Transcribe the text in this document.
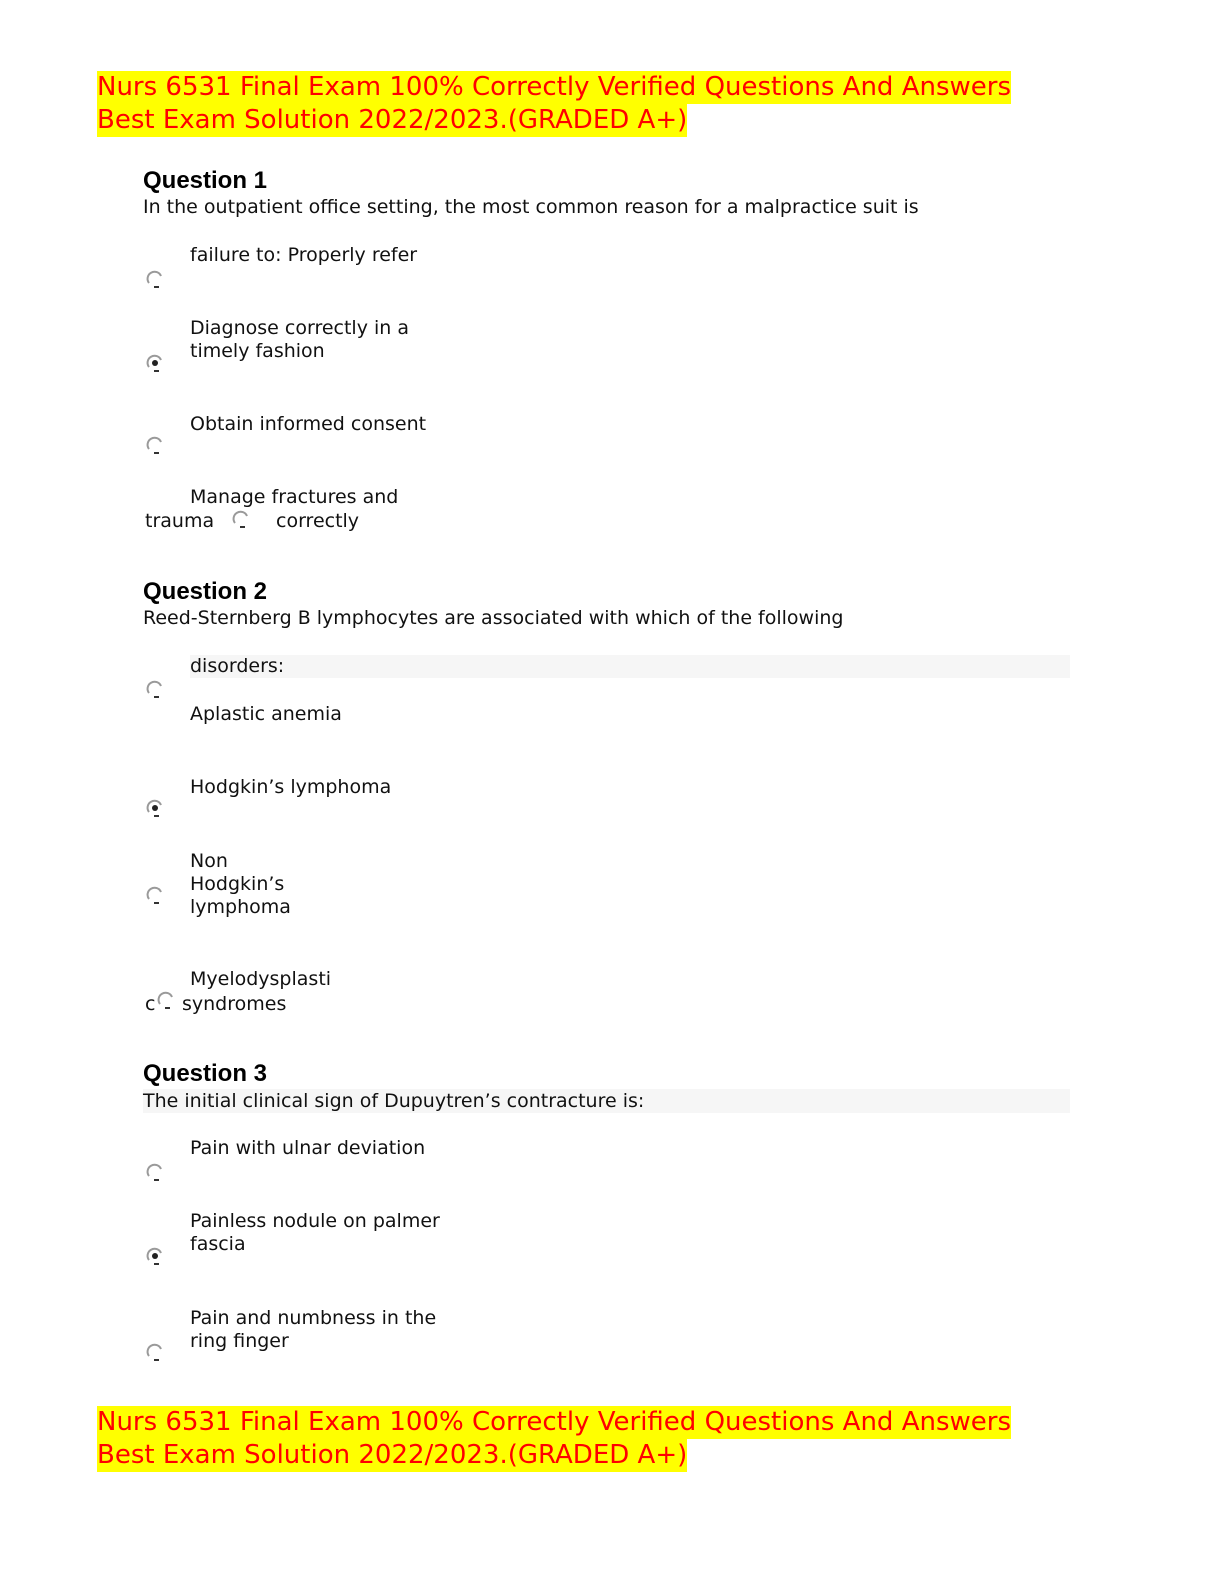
Nurs 6531 Final Exam 100% Correctly Verified Questions And Answers
Best Exam Solution 2022/2023.(GRADED A+)
Question 1
In the outpatient office setting, the most common reason for a malpractice suit is
failure to: Properly refer
Diagnose correctly in a
timely fashion
Obtain informed consent
Manage fractures and
trauma	correctly
Question 2
Reed-Sternberg B lymphocytes are associated with which of the following
disorders:
Aplastic anemia
Hodgkin’s lymphoma
Non
Hodgkin’s
lymphoma
Myelodysplasti
c syndromes
Question 3
The initial clinical sign of Dupuytren’s contracture is:
Pain with ulnar deviation
Painless nodule on palmer
fascia
Pain and numbness in the
ring finger
Nurs 6531 Final Exam 100% Correctly Verified Questions And Answers
Best Exam Solution 2022/2023.(GRADED A+)
